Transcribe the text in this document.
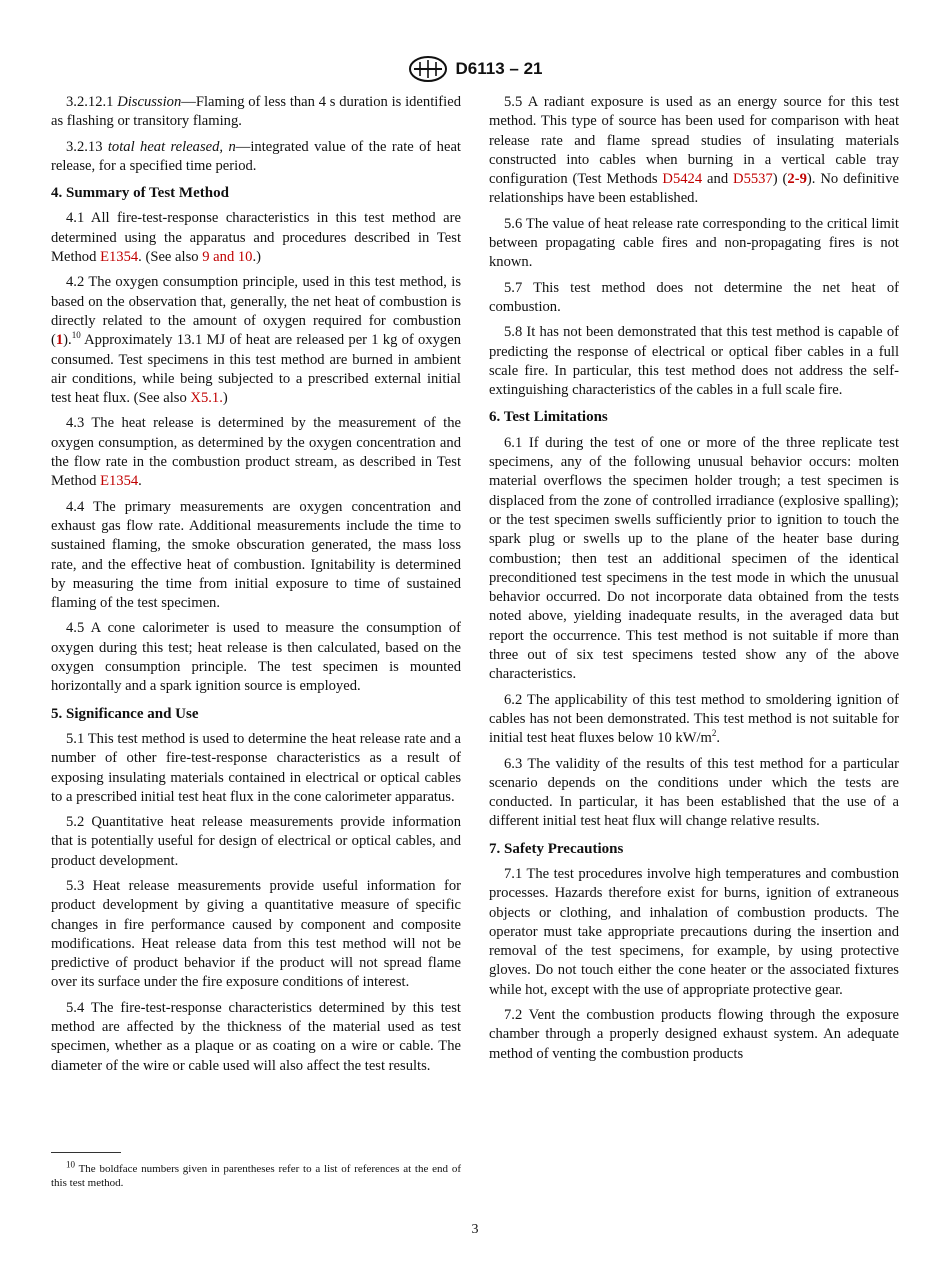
D6113 – 21

3.2.12.1 Discussion—Flaming of less than 4 s duration is identified as flashing or transitory flaming.

3.2.13 total heat released, n—integrated value of the rate of heat release, for a specified time period.

4. Summary of Test Method

4.1 All fire-test-response characteristics in this test method are determined using the apparatus and procedures described in Test Method E1354. (See also 9 and 10.)

4.2 The oxygen consumption principle, used in this test method, is based on the observation that, generally, the net heat of combustion is directly related to the amount of oxygen required for combustion (1).$^{10}$ Approximately 13.1 MJ of heat are released per 1 kg of oxygen consumed. Test specimens in this test method are burned in ambient air conditions, while being subjected to a prescribed external initial test heat flux. (See also X5.1.)

4.3 The heat release is determined by the measurement of the oxygen consumption, as determined by the oxygen concentration and the flow rate in the combustion product stream, as described in Test Method E1354.

4.4 The primary measurements are oxygen concentration and exhaust gas flow rate. Additional measurements include the time to sustained flaming, the smoke obscuration generated, the mass loss rate, and the effective heat of combustion. Ignitability is determined by measuring the time from initial exposure to time of sustained flaming of the test specimen.

4.5 A cone calorimeter is used to measure the consumption of oxygen during this test; heat release is then calculated, based on the oxygen consumption principle. The test specimen is mounted horizontally and a spark ignition source is employed.

5. Significance and Use

5.1 This test method is used to determine the heat release rate and a number of other fire-test-response characteristics as a result of exposing insulating materials contained in electrical or optical cables to a prescribed initial test heat flux in the cone calorimeter apparatus.

5.2 Quantitative heat release measurements provide information that is potentially useful for design of electrical or optical cables, and product development.

5.3 Heat release measurements provide useful information for product development by giving a quantitative measure of specific changes in fire performance caused by component and composite modifications. Heat release data from this test method will not be predictive of product behavior if the product will not spread flame over its surface under the fire exposure conditions of interest.

5.4 The fire-test-response characteristics determined by this test method are affected by the thickness of the material used as test specimen, whether as a plaque or as coating on a wire or cable. The diameter of the wire or cable used will also affect the test results.

5.5 A radiant exposure is used as an energy source for this test method. This type of source has been used for comparison with heat release rate and flame spread studies of insulating materials constructed into cables when burning in a vertical cable tray configuration (Test Methods D5424 and D5537) (2-9). No definitive relationships have been established.

5.6 The value of heat release rate corresponding to the critical limit between propagating cable fires and non-propagating fires is not known.

5.7 This test method does not determine the net heat of combustion.

5.8 It has not been demonstrated that this test method is capable of predicting the response of electrical or optical fiber cables in a full scale fire. In particular, this test method does not address the self-extinguishing characteristics of the cables in a full scale fire.

6. Test Limitations

6.1 If during the test of one or more of the three replicate test specimens, any of the following unusual behavior occurs: molten material overflows the specimen holder trough; a test specimen is displaced from the zone of controlled irradiance (explosive spalling); or the test specimen swells sufficiently prior to ignition to touch the spark plug or swells up to the plane of the heater base during combustion; then test an additional specimen of the identical preconditioned test specimens in the test mode in which the unusual behavior occurred. Do not incorporate data obtained from the tests noted above, yielding inadequate results, in the averaged data but report the occurrence. This test method is not suitable if more than three out of six test specimens tested show any of the above characteristics.

6.2 The applicability of this test method to smoldering ignition of cables has not been demonstrated. This test method is not suitable for initial test heat fluxes below 10 $kW/m^2$.

6.3 The validity of the results of this test method for a particular scenario depends on the conditions under which the tests are conducted. In particular, it has been established that the use of a different initial test heat flux will change relative results.

7. Safety Precautions

7.1 The test procedures involve high temperatures and combustion processes. Hazards therefore exist for burns, ignition of extraneous objects or clothing, and inhalation of combustion products. The operator must take appropriate precautions during the insertion and removal of the test specimens, for example, by using protective gloves. Do not touch either the cone heater or the associated fixtures while hot, except with the use of appropriate protective gear.

7.2 Vent the combustion products flowing through the exposure chamber through a properly designed exhaust system. An adequate method of venting the combustion products

$^{10}$ The boldface numbers given in parentheses refer to a list of references at the end of this test method.
3
